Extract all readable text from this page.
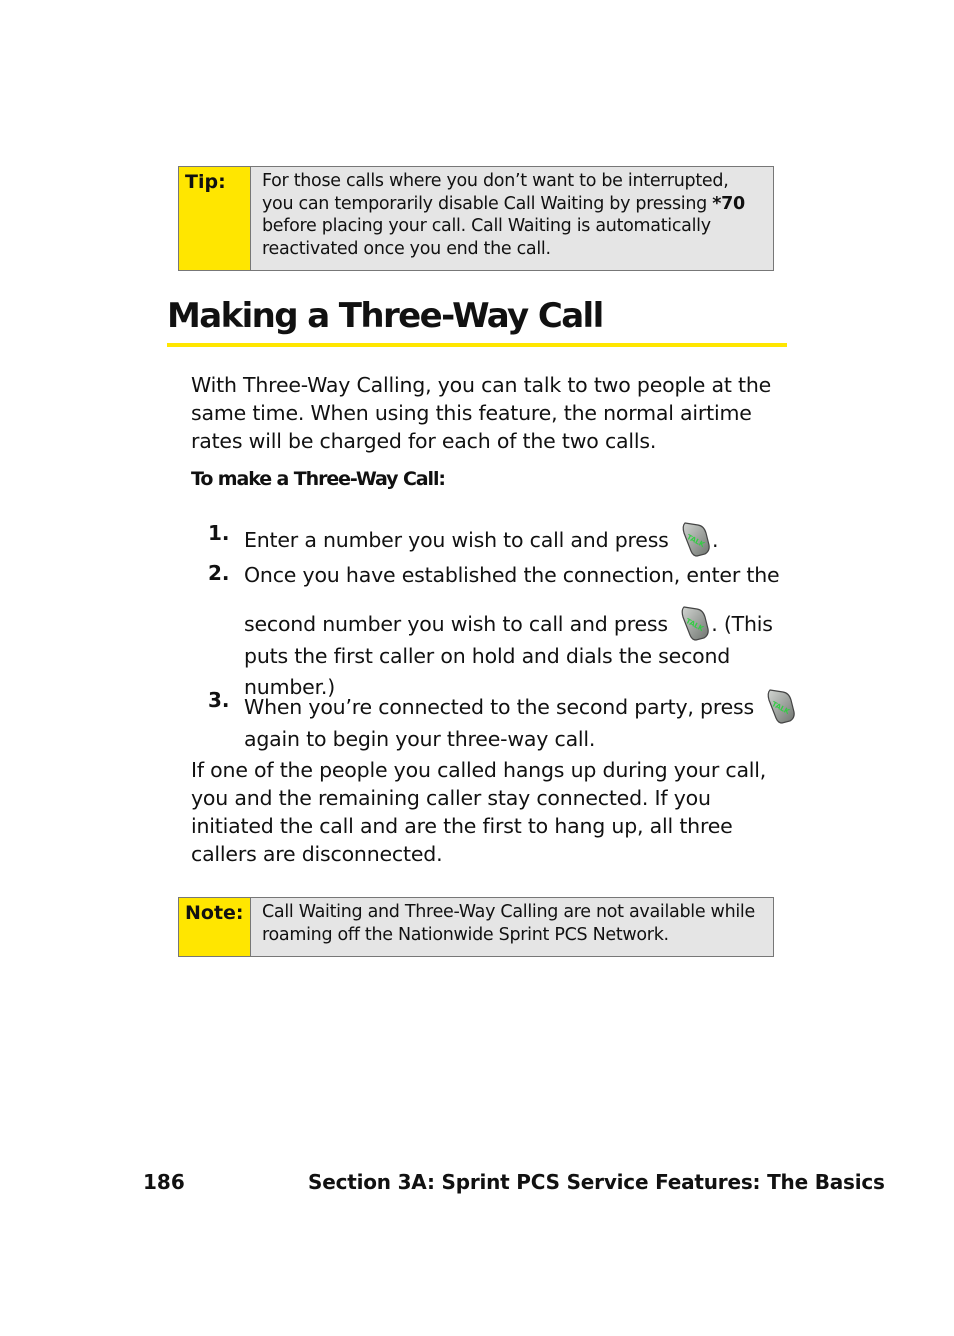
Tip:	For those calls where you don’t want to be interrupted, you can temporarily disable Call Waiting by pressing *70 before placing your call. Call Waiting is automatically reactivated once you end the call.
Making a Three-Way Call

With Three-Way Calling, you can talk to two people at the same time. When using this feature, the normal airtime rates will be charged for each of the two calls.

To make a Three-Way Call:

1. Enter a number you wish to call and press .

2. Once you have established the connection, enter the

second number you wish to call and press . (This puts the first caller on hold and dials the second number.)

3. When you’re connected to the second party, press  again to begin your three-way call.

If one of the people you called hangs up during your call, you and the remaining caller stay connected. If you initiated the call and are the first to hang up, all three callers are disconnected.

Note:	Call Waiting and Three-Way Calling are not available while roaming off the Nationwide Sprint PCS Network.
186	Section 3A: Sprint PCS Service Features: The Basics
